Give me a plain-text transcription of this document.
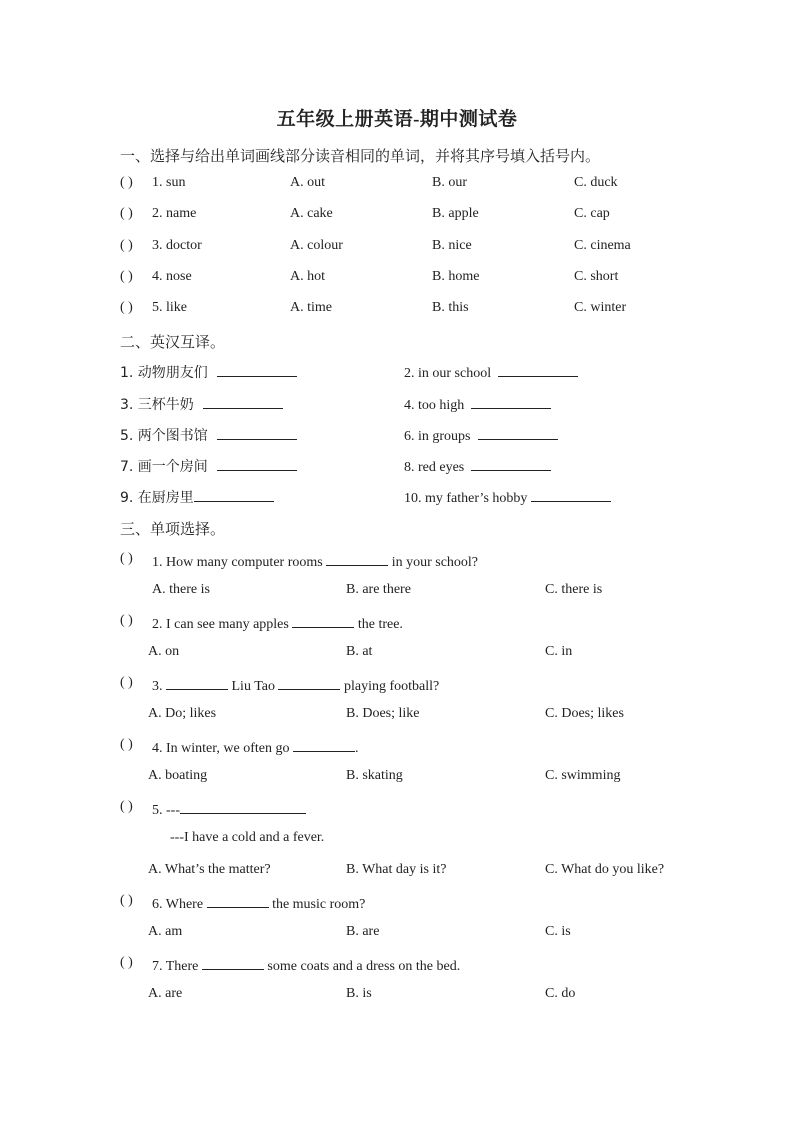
五年级上册英语-期中测试卷
一、选择与给出单词画线部分读音相同的单词，并将其序号填入括号内。
( ) 1. sun	A. out	B. our	C. duck
( ) 2. name	A. cake	B. apple	C. cap
( ) 3. doctor	A. colour	B. nice	C. cinema
( ) 4. nose	A. hot	B. home	C. short
( ) 5. like	A. time	B. this	C. winter
二、英汉互译。
1. 动物朋友们	2. in our school
3. 三杯牛奶	4. too high
5. 两个图书馆	6. in groups
7. 画一个房间	8. red eyes
9. 在厨房里	10. my father’s hobby
三、单项选择。
( ) 1. How many computer rooms	in your school?
A. there is	B. are there	C. there is
( ) 2. I can see many apples	the tree.
A. on	B. at	C. in
( ) 3.	Liu Tao	playing football?
A. Do; likes	B. Does; like	C. Does; likes
( ) 4. In winter, we often go	.
A. boating	B. skating	C. swimming
( ) 5. ---
---I have a cold and a fever.
A. What’s the matter?	B. What day is it?	C. What do you like?
( ) 6. Where	the music room?
A. am	B. are	C. is
( ) 7. There	some coats and a dress on the bed.
A. are	B. is	C. do
